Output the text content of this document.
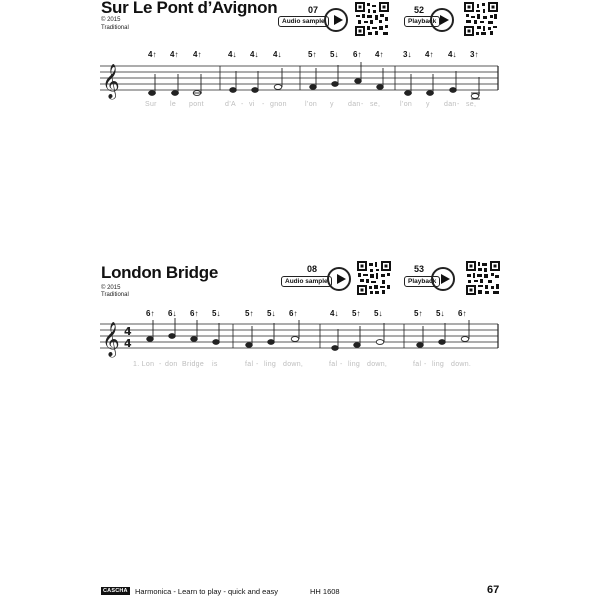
Sur Le Pont d’Avignon
© 2015
Traditional
07
Audio sample
52
Playback
4↑ 4↑ 4↑	4↓ 4↓ 4↓	5↑ 5↓ 6↑ 4↑ 3↓ 4↑ 4↓ 3↑
𝄞
Sur le pont	d’A - vi - gnon	l’on y dan - se,	l’on y dan - se,
London Bridge
© 2015
Traditional
08
Audio sample
53
Playback
6↑ 6↓ 6↑ 5↓	5↑ 5↓ 6↑	4↓ 5↑ 5↓	5↑ 5↓ 6↑
𝄞 4
4
1. Lon - don Bridge is	fal - ling down,	fal - ling down,	fal - ling down.
CASCHA Harmonica - Learn to play - quick and easy	HH 1608	67
